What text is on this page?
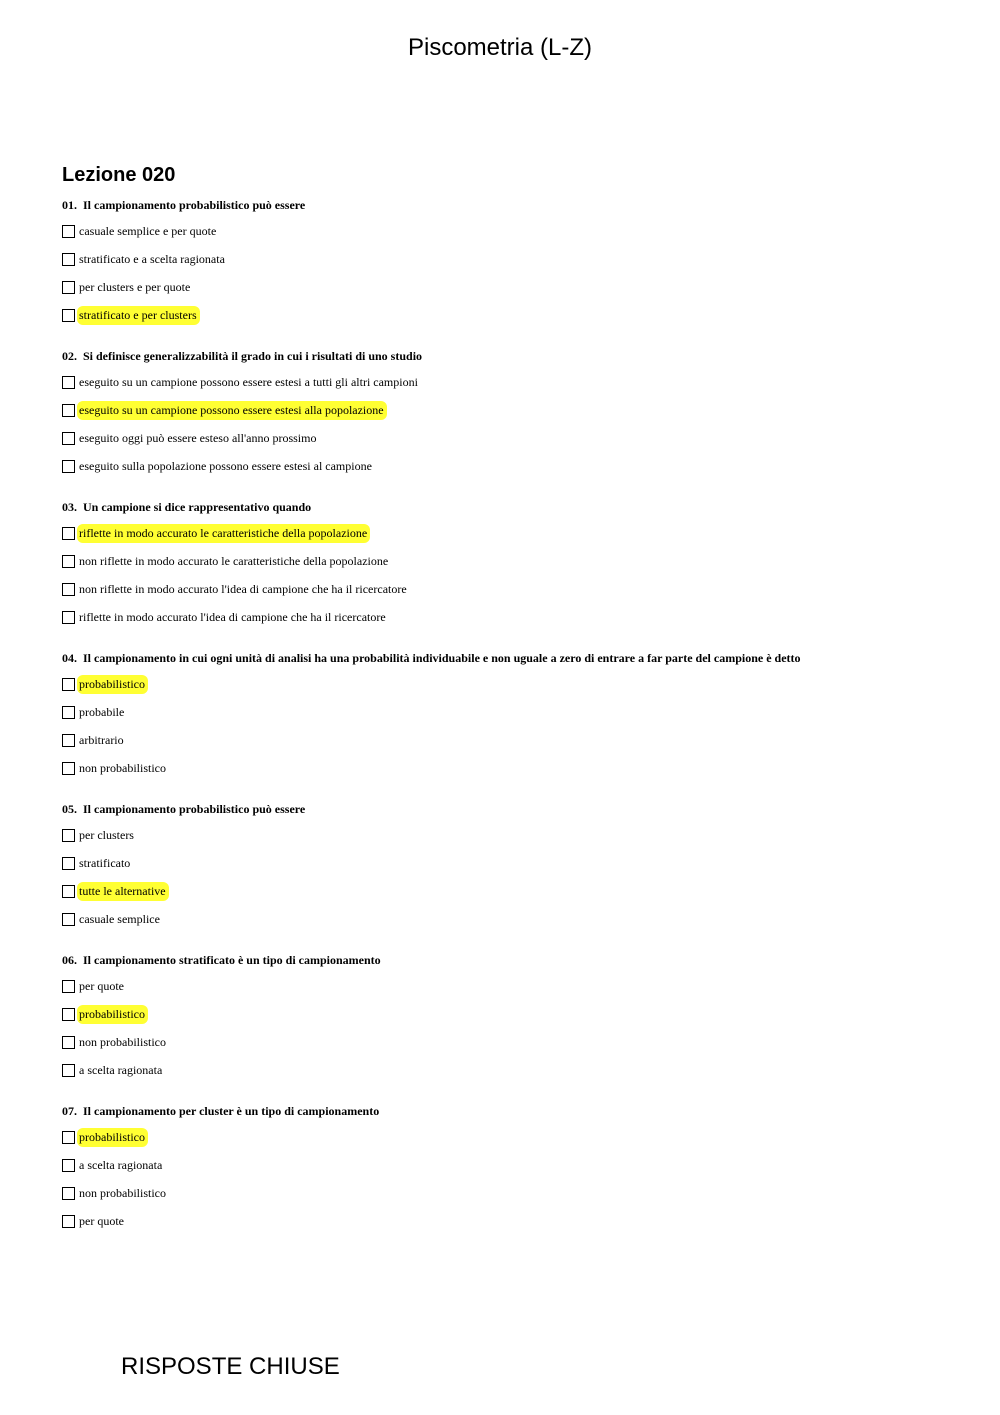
Piscometria (L-Z)
Lezione 020
01. Il campionamento probabilistico può essere
casuale semplice e per quote
stratificato e a scelta ragionata
per clusters e per quote
stratificato e per clusters
02. Si definisce generalizzabilità il grado in cui i risultati di uno studio
eseguito su un campione possono essere estesi a tutti gli altri campioni
eseguito su un campione possono essere estesi alla popolazione
eseguito oggi può essere esteso all'anno prossimo
eseguito sulla popolazione possono essere estesi al campione
03. Un campione si dice rappresentativo quando
riflette in modo accurato le caratteristiche della popolazione
non riflette in modo accurato le caratteristiche della popolazione
non riflette in modo accurato l'idea di campione che ha il ricercatore
riflette in modo accurato l'idea di campione che ha il ricercatore
04. Il campionamento in cui ogni unità di analisi ha una probabilità individuabile e non uguale a zero di entrare a far parte del campione è detto
probabilistico
probabile
arbitrario
non probabilistico
05. Il campionamento probabilistico può essere
per clusters
stratificato
tutte le alternative
casuale semplice
06. Il campionamento stratificato è un tipo di campionamento
per quote
probabilistico
non probabilistico
a scelta ragionata
07. Il campionamento per cluster è un tipo di campionamento
probabilistico
a scelta ragionata
non probabilistico
per quote
RISPOSTE CHIUSE
